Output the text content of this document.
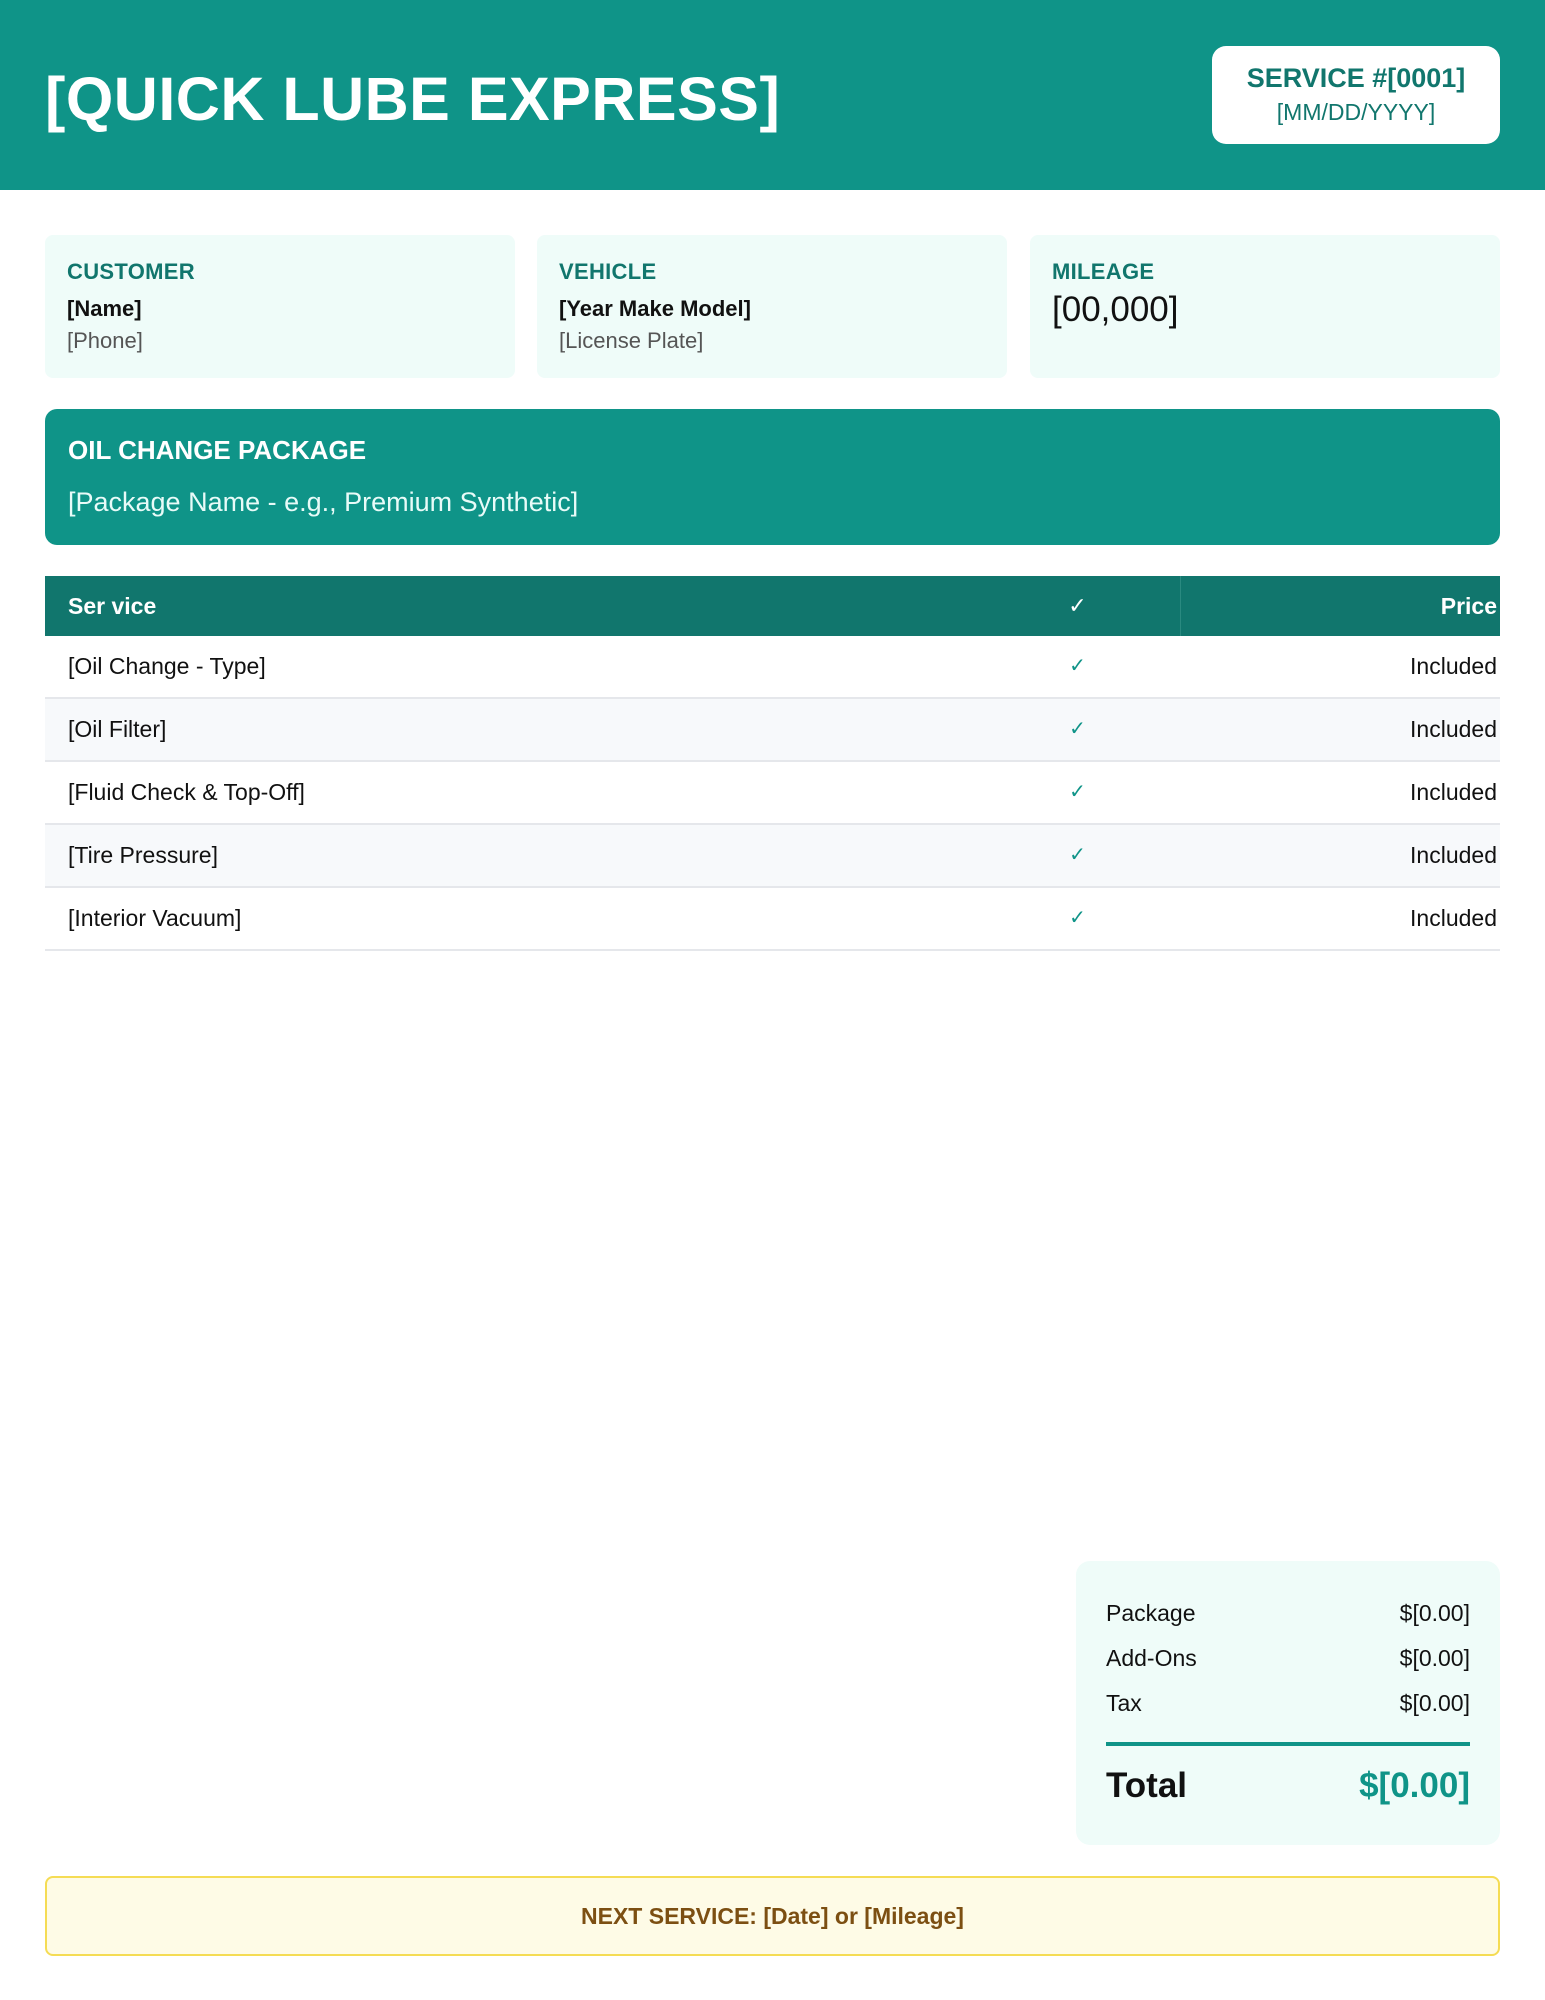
[QUICK LUBE EXPRESS]	SERVICE #[0001]
[MM/DD/YYYY]
CUSTOMER
[Name]
[Phone]
VEHICLE
[Year Make Model]
[License Plate]
MILEAGE
[00,000]
OIL CHANGE PACKAGE
[Package Name - e.g., Premium Synthetic]
Ser vice	✓	Price
[Oil Change - Type]	✓	Included
[Oil Filter]	✓	Included
[Fluid Check & Top-Off]	✓	Included
[Tire Pressure]	✓	Included
[Interior Vacuum]	✓	Included
Package	$[0.00]
Add-Ons	$[0.00]
Tax	$[0.00]
Total	$[0.00]
NEXT SERVICE: [Date] or [Mileage]
